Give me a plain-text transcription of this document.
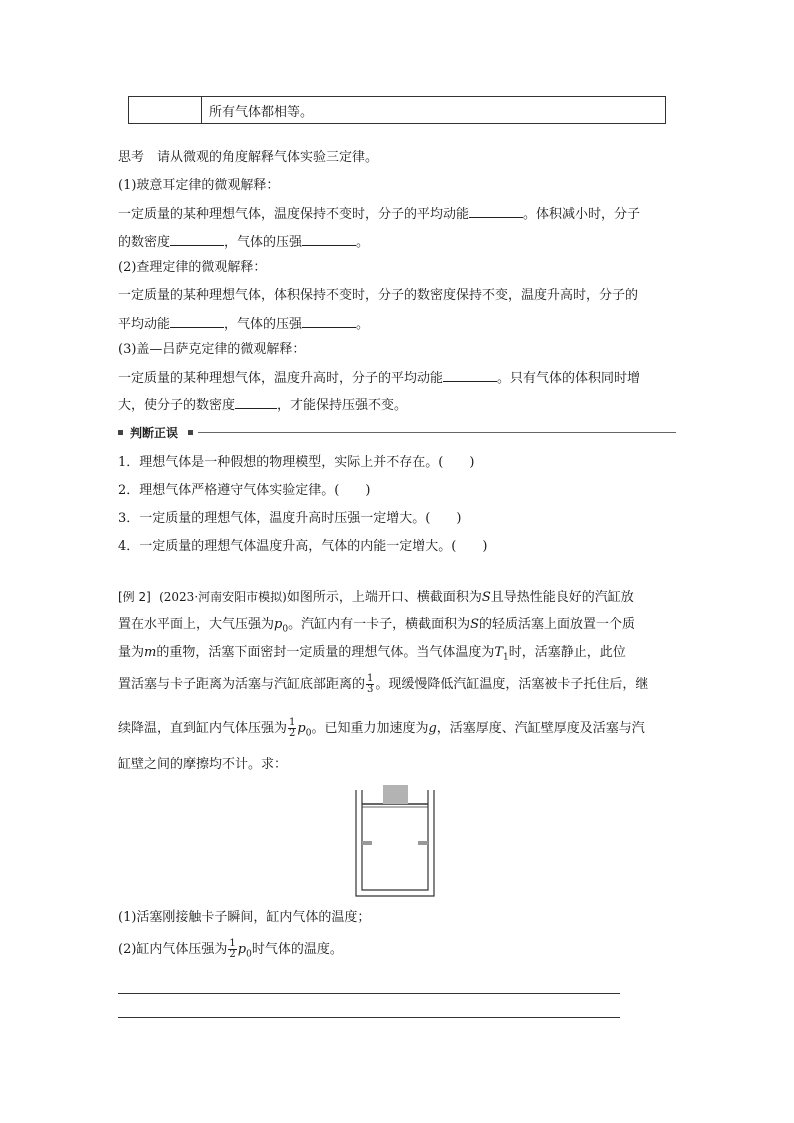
所有气体都相等。
思考　请从微观的角度解释气体实验三定律。
(1)玻意耳定律的微观解释：
一定质量的某种理想气体，温度保持不变时，分子的平均动能	。体积减小时，分子
的数密度	，气体的压强	。
(2)查理定律的微观解释：
一定质量的某种理想气体，体积保持不变时，分子的数密度保持不变，温度升高时，分子的
平均动能	，气体的压强	。
(3)盖—吕萨克定律的微观解释：
一定质量的某种理想气体，温度升高时，分子的平均动能	。只有气体的体积同时增
大，使分子的数密度	，才能保持压强不变。
判断正误
1．理想气体是一种假想的物理模型，实际上并不存在。(　　)
2．理想气体严格遵守气体实验定律。(　　)
3．一定质量的理想气体，温度升高时压强一定增大。(　　)
4．一定质量的理想气体温度升高，气体的内能一定增大。(　　)
[例 2] (2023·河南安阳市模拟)如图所示，上端开口、横截面积为S且导热性能良好的汽缸放
置在水平面上，大气压强为$p_0$。汽缸内有一卡子，横截面积为S的轻质活塞上面放置一个质
量为m的重物，活塞下面密封一定质量的理想气体。当气体温度为$T_1$时，活塞静止，此位
置活塞与卡子距离为活塞与汽缸底部距离的 $\frac{1}{3}$ 。现缓慢降低汽缸温度，活塞被卡子托住后，继
续降温，直到缸内气体压强为 $\frac{1}{2} p_0$。已知重力加速度为g，活塞厚度、汽缸壁厚度及活塞与汽
缸壁之间的摩擦均不计。求：
(1)活塞刚接触卡子瞬间，缸内气体的温度；
(2)缸内气体压强为 $\frac{1}{2} p_0$时气体的温度。
